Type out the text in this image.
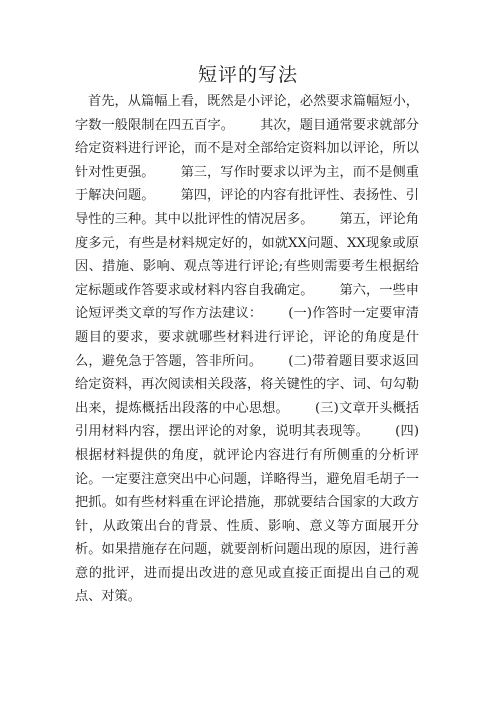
短评的写法

首先，从篇幅上看，既然是小评论，必然要求篇幅短小，字数一般限制在四五百字。 其次，题目通常要求就部分给定资料进行评论，而不是对全部给定资料加以评论，所以针对性更强。 第三，写作时要求以评为主，而不是侧重于解决问题。 第四，评论的内容有批评性、表扬性、引导性的三种。其中以批评性的情况居多。 第五，评论角度多元，有些是材料规定好的，如就XX问题、XX现象或原因、措施、影响、观点等进行评论;有些则需要考生根据给定标题或作答要求或材料内容自我确定。 第六，一些申论短评类文章的写作方法建议： (一)作答时一定要审清题目的要求，要求就哪些材料进行评论，评论的角度是什么，避免急于答题，答非所问。 (二)带着题目要求返回给定资料，再次阅读相关段落，将关键性的字、词、句勾勒出来，提炼概括出段落的中心思想。 (三)文章开头概括引用材料内容，摆出评论的对象，说明其表现等。 (四)根据材料提供的角度，就评论内容进行有所侧重的分析评论。一定要注意突出中心问题，详略得当，避免眉毛胡子一把抓。如有些材料重在评论措施，那就要结合国家的大政方针，从政策出台的背景、性质、影响、意义等方面展开分析。如果措施存在问题，就要剖析问题出现的原因，进行善意的批评，进而提出改进的意见或直接正面提出自己的观点、对策。
